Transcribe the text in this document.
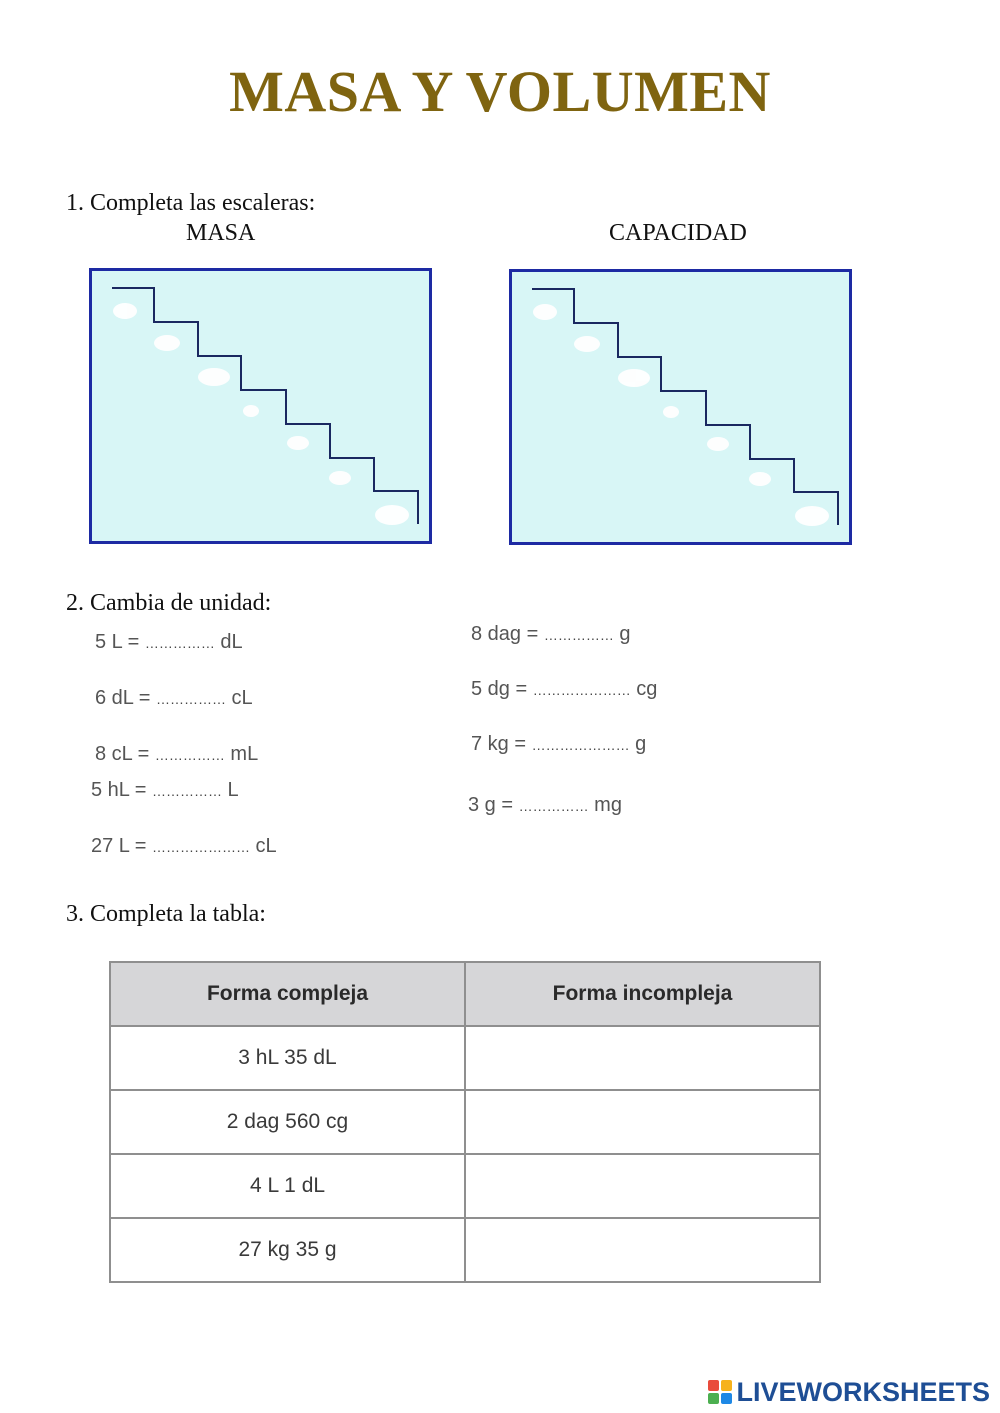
MASA Y VOLUMEN
1. Completa las escaleras:
MASA	CAPACIDAD
2. Cambia de unidad:
5 L = …………… dL
6 dL = …………… cL
8 cL = …………… mL
5 hL = …………… L
27 L = ………………… cL
8 dag = …………… g
5 dg = ………………… cg
7 kg = ………………… g
3 g = …………… mg
3. Completa la tabla:
Forma compleja	Forma incompleja
3 hL 35 dL	
2 dag 560 cg	
4 L 1 dL	
27 kg 35 g	
LIVEWORKSHEETS
